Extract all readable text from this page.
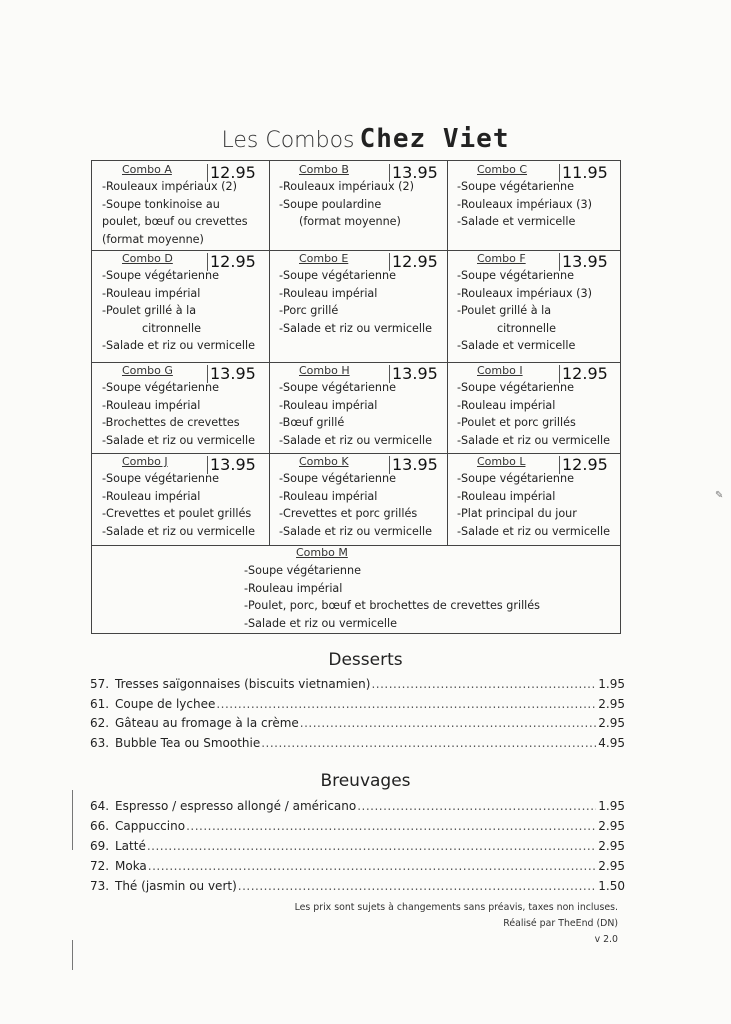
Les Combos Chez Viet
Combo A 12.95
-Rouleaux impériaux (2)
-Soupe tonkinoise au
poulet, bœuf ou crevettes
(format moyenne)
Combo B	13.95
-Rouleaux impériaux (2)
-Soupe poulardine
(format moyenne)
Combo C 11.95
-Soupe végétarienne
-Rouleaux impériaux (3)
-Salade et vermicelle
Combo D 12.95
-Soupe végétarienne
-Rouleau impérial
-Poulet grillé à la
citronnelle
-Salade et riz ou vermicelle
Combo E	12.95
-Soupe végétarienne
-Rouleau impérial
-Porc grillé
-Salade et riz ou vermicelle
Combo F 13.95
-Soupe végétarienne
-Rouleaux impériaux (3)
-Poulet grillé à la
citronnelle
-Salade et vermicelle
Combo G 13.95
-Soupe végétarienne
-Rouleau impérial
-Brochettes de crevettes
-Salade et riz ou vermicelle
Combo H	13.95
-Soupe végétarienne
-Rouleau impérial
-Bœuf grillé
-Salade et riz ou vermicelle
Combo I 12.95
-Soupe végétarienne
-Rouleau impérial
-Poulet et porc grillés
-Salade et riz ou vermicelle
Combo J	13.95
-Soupe végétarienne
-Rouleau impérial
-Crevettes et poulet grillés
-Salade et riz ou vermicelle
Combo K	13.95
-Soupe végétarienne
-Rouleau impérial
-Crevettes et porc grillés
-Salade et riz ou vermicelle
Combo L 12.95
-Soupe végétarienne
-Rouleau impérial
-Plat principal du jour
-Salade et riz ou vermicelle
Combo M
-Soupe végétarienne
-Rouleau impérial
-Poulet, porc, bœuf et brochettes de crevettes grillés
-Salade et riz ou vermicelle
Desserts
57. Tresses saïgonnaises (biscuits vietnamien) .....	1.95
61. Coupe de lychee .....	2.95
62. Gâteau au fromage à la crème .....	2.95
63. Bubble Tea ou Smoothie .....	4.95
Breuvages
64. Espresso / espresso allongé / américano .....	1.95
66. Cappuccino .....	2.95
69. Latté .....	2.95
72. Moka .....	2.95
73. Thé (jasmin ou vert) .....	1.50
Les prix sont sujets à changements sans préavis, taxes non incluses.
Réalisé par TheEnd (DN)
v 2.0
✎
